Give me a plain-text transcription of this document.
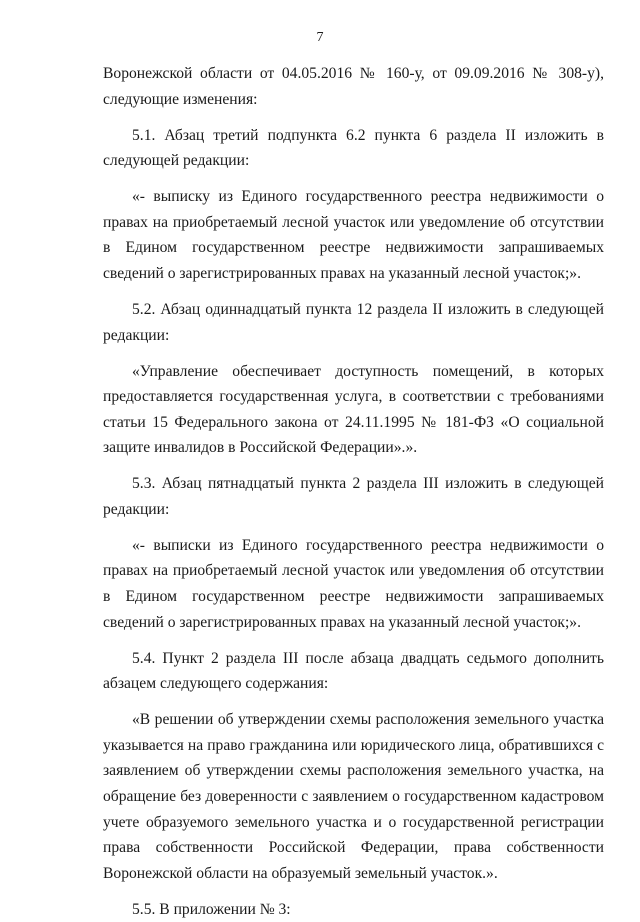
7

Воронежской области от 04.05.2016 № 160-у, от 09.09.2016 № 308-у), следующие изменения:

5.1. Абзац третий подпункта 6.2 пункта 6 раздела II изложить в следующей редакции:

«- выписку из Единого государственного реестра недвижимости о правах на приобретаемый лесной участок или уведомление об отсутствии в Едином государственном реестре недвижимости запрашиваемых сведений о зарегистрированных правах на указанный лесной участок;».

5.2. Абзац одиннадцатый пункта 12 раздела II изложить в следующей редакции:

«Управление обеспечивает доступность помещений, в которых предоставляется государственная услуга, в соответствии с требованиями статьи 15 Федерального закона от 24.11.1995 № 181-ФЗ «О социальной защите инвалидов в Российской Федерации».».

5.3. Абзац пятнадцатый пункта 2 раздела III изложить в следующей редакции:

«- выписки из Единого государственного реестра недвижимости о правах на приобретаемый лесной участок или уведомления об отсутствии в Едином государственном реестре недвижимости запрашиваемых сведений о зарегистрированных правах на указанный лесной участок;».

5.4. Пункт 2 раздела III после абзаца двадцать седьмого дополнить абзацем следующего содержания:

«В решении об утверждении схемы расположения земельного участка указывается на право гражданина или юридического лица, обратившихся с заявлением об утверждении схемы расположения земельного участка, на обращение без доверенности с заявлением о государственном кадастровом учете образуемого земельного участка и о государственной регистрации права собственности Российской Федерации, права собственности Воронежской области на образуемый земельный участок.».

5.5. В приложении № 3:
